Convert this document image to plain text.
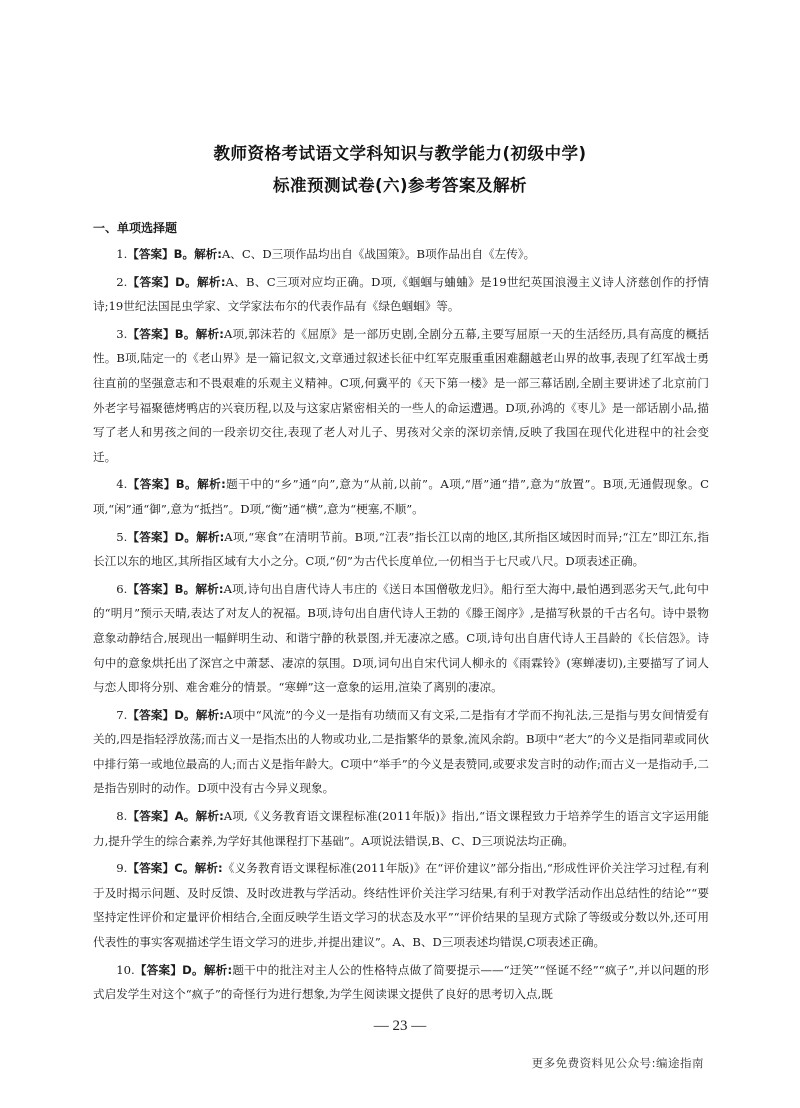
教师资格考试语文学科知识与教学能力(初级中学)
标准预测试卷(六)参考答案及解析
一、单项选择题

1.【答案】B。解析:A、C、D三项作品均出自《战国策》。B项作品出自《左传》。

2.【答案】D。解析:A、B、C三项对应均正确。D项,《蝈蝈与蛐蛐》是19世纪英国浪漫主义诗人济慈创作的抒情诗;19世纪法国昆虫学家、文学家法布尔的代表作品有《绿色蝈蝈》等。

3.【答案】B。解析:A项,郭沫若的《屈原》是一部历史剧,全剧分五幕,主要写屈原一天的生活经历,具有高度的概括性。B项,陆定一的《老山界》是一篇记叙文,文章通过叙述长征中红军克服重重困难翻越老山界的故事,表现了红军战士勇往直前的坚强意志和不畏艰难的乐观主义精神。C项,何冀平的《天下第一楼》是一部三幕话剧,全剧主要讲述了北京前门外老字号福聚德烤鸭店的兴衰历程,以及与这家店紧密相关的一些人的命运遭遇。D项,孙鸿的《枣儿》是一部话剧小品,描写了老人和男孩之间的一段亲切交往,表现了老人对儿子、男孩对父亲的深切亲情,反映了我国在现代化进程中的社会变迁。

4.【答案】B。解析:题干中的“乡”通“向”,意为“从前,以前”。A项,“厝”通“措”,意为“放置”。B项,无通假现象。C项,“闲”通“御”,意为“抵挡”。D项,“衡”通“横”,意为“梗塞,不顺”。

5.【答案】D。解析:A项,“寒食”在清明节前。B项,“江表”指长江以南的地区,其所指区域因时而异;“江左”即江东,指长江以东的地区,其所指区域有大小之分。C项,“仞”为古代长度单位,一仞相当于七尺或八尺。D项表述正确。

6.【答案】B。解析:A项,诗句出自唐代诗人韦庄的《送日本国僧敬龙归》。船行至大海中,最怕遇到恶劣天气,此句中的“明月”预示天晴,表达了对友人的祝福。B项,诗句出自唐代诗人王勃的《滕王阁序》,是描写秋景的千古名句。诗中景物意象动静结合,展现出一幅鲜明生动、和谐宁静的秋景图,并无凄凉之感。C项,诗句出自唐代诗人王昌龄的《长信怨》。诗句中的意象烘托出了深宫之中萧瑟、凄凉的氛围。D项,词句出自宋代词人柳永的《雨霖铃》(寒蝉凄切),主要描写了词人与恋人即将分别、难舍难分的情景。“寒蝉”这一意象的运用,渲染了离别的凄凉。

7.【答案】D。解析:A项中“风流”的今义一是指有功绩而又有文采,二是指有才学而不拘礼法,三是指与男女间情爱有关的,四是指轻浮放荡;而古义一是指杰出的人物或功业,二是指繁华的景象,流风余韵。B项中“老大”的今义是指同辈或同伙中排行第一或地位最高的人;而古义是指年龄大。C项中“举手”的今义是表赞同,或要求发言时的动作;而古义一是指动手,二是指告别时的动作。D项中没有古今异义现象。

8.【答案】A。解析:A项,《义务教育语文课程标准(2011年版)》指出,“语文课程致力于培养学生的语言文字运用能力,提升学生的综合素养,为学好其他课程打下基础”。A项说法错误,B、C、D三项说法均正确。

9.【答案】C。解析:《义务教育语文课程标准(2011年版)》在“评价建议”部分指出,“形成性评价关注学习过程,有利于及时揭示问题、及时反馈、及时改进教与学活动。终结性评价关注学习结果,有利于对教学活动作出总结性的结论”“要坚持定性评价和定量评价相结合,全面反映学生语文学习的状态及水平”“评价结果的呈现方式除了等级或分数以外,还可用代表性的事实客观描述学生语文学习的进步,并提出建议”。A、B、D三项表述均错误,C项表述正确。

10.【答案】D。解析:题干中的批注对主人公的性格特点做了简要提示——“迂笑”“怪诞不经”“疯子”,并以问题的形式启发学生对这个“疯子”的奇怪行为进行想象,为学生阅读课文提供了良好的思考切入点,既

— 23 —
更多免费资料见公众号:编途指南
